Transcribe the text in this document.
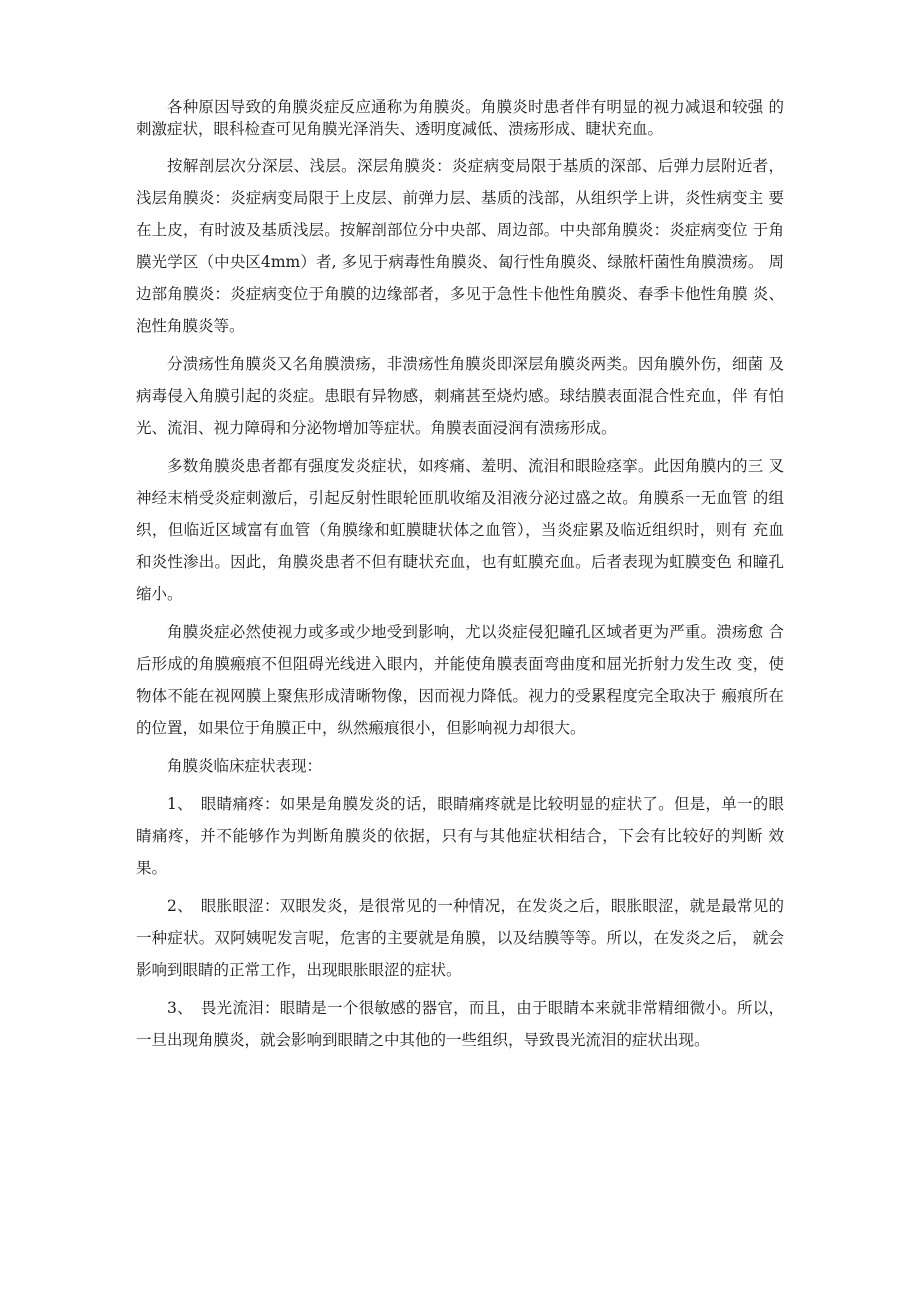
各种原因导致的角膜炎症反应通称为角膜炎。角膜炎时患者伴有明显的视力减退和较强 的刺激症状，眼科检查可见角膜光泽消失、透明度减低、溃疡形成、睫状充血。

按解剖层次分深层、浅层。深层角膜炎：炎症病变局限于基质的深部、后弹力层附近者，浅层角膜炎：炎症病变局限于上皮层、前弹力层、基质的浅部，从组织学上讲，炎性病变主 要在上皮，有时波及基质浅层。按解剖部位分中央部、周边部。中央部角膜炎：炎症病变位 于角膜光学区（中央区4mm）者, 多见于病毒性角膜炎、匐行性角膜炎、绿脓杆菌性角膜溃疡。 周边部角膜炎：炎症病变位于角膜的边缘部者，多见于急性卡他性角膜炎、春季卡他性角膜 炎、泡性角膜炎等。

分溃疡性角膜炎又名角膜溃疡，非溃疡性角膜炎即深层角膜炎两类。因角膜外伤，细菌 及病毒侵入角膜引起的炎症。患眼有异物感，刺痛甚至烧灼感。球结膜表面混合性充血，伴 有怕光、流泪、视力障碍和分泌物增加等症状。角膜表面浸润有溃疡形成。

多数角膜炎患者都有强度发炎症状，如疼痛、羞明、流泪和眼睑痉挛。此因角膜内的三 叉神经末梢受炎症刺激后，引起反射性眼轮匝肌收缩及泪液分泌过盛之故。角膜系一无血管 的组织，但临近区域富有血管（角膜缘和虹膜睫状体之血管），当炎症累及临近组织时，则有 充血和炎性渗出。因此，角膜炎患者不但有睫状充血，也有虹膜充血。后者表现为虹膜变色 和瞳孔缩小。

角膜炎症必然使视力或多或少地受到影响，尤以炎症侵犯瞳孔区域者更为严重。溃疡愈 合后形成的角膜瘢痕不但阻碍光线进入眼内，并能使角膜表面弯曲度和屈光折射力发生改 变，使物体不能在视网膜上聚焦形成清晰物像，因而视力降低。视力的受累程度完全取决于 瘢痕所在的位置，如果位于角膜正中，纵然瘢痕很小，但影响视力却很大。

角膜炎临床症状表现：

1、　眼睛痛疼：如果是角膜发炎的话，眼睛痛疼就是比较明显的症状了。但是，单一的眼睛痛疼，并不能够作为判断角膜炎的依据，只有与其他症状相结合，下会有比较好的判断 效果。

2、　眼胀眼涩：双眼发炎，是很常见的一种情况，在发炎之后，眼胀眼涩，就是最常见的一种症状。双阿姨呢发言呢，危害的主要就是角膜，以及结膜等等。所以，在发炎之后， 就会影响到眼睛的正常工作，出现眼胀眼涩的症状。

3、　畏光流泪：眼睛是一个很敏感的器官，而且，由于眼睛本来就非常精细微小。所以，一旦出现角膜炎，就会影响到眼睛之中其他的一些组织，导致畏光流泪的症状出现。
